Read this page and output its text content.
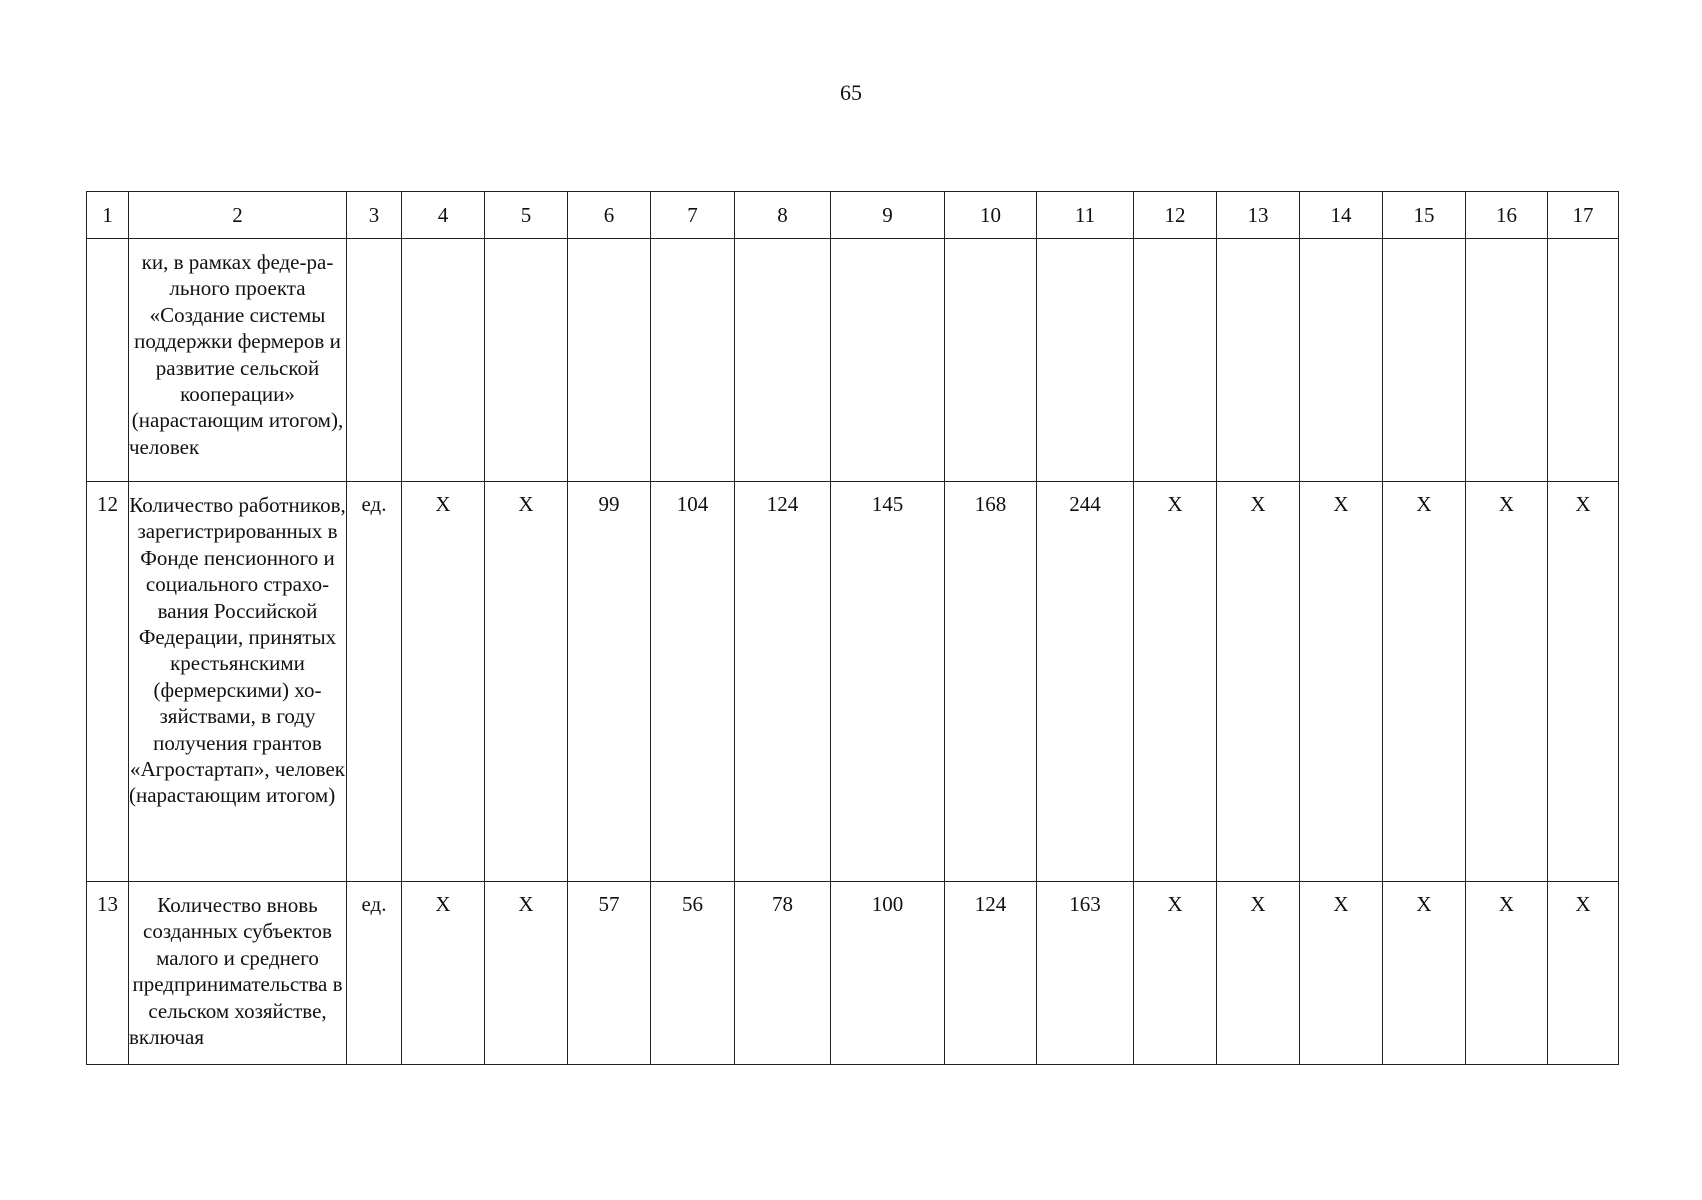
65
1	2	3	4	5	6	7	8	9	10	11	12	13	14	15	16	17
	ки, в рамках феде-рального проекта «Создание системы поддержки фермеров и развитие сельской кооперации» (нарастающим итогом), человек															
12	Количество работников, зарегистрированных в Фонде пенсионного и социального страхования Российской Федерации, принятых крестьянскими (фермерскими) хозяйствами, в году получения грантов «Агростартап», человек (нарастающим итогом)	ед.	Х	Х	99	104	124	145	168	244	Х	Х	Х	Х	Х	Х
13	Количество вновь созданных субъектов малого и среднего предпринимательства в сельском хозяйстве, включая	ед.	Х	Х	57	56	78	100	124	163	Х	Х	Х	Х	Х	Х
